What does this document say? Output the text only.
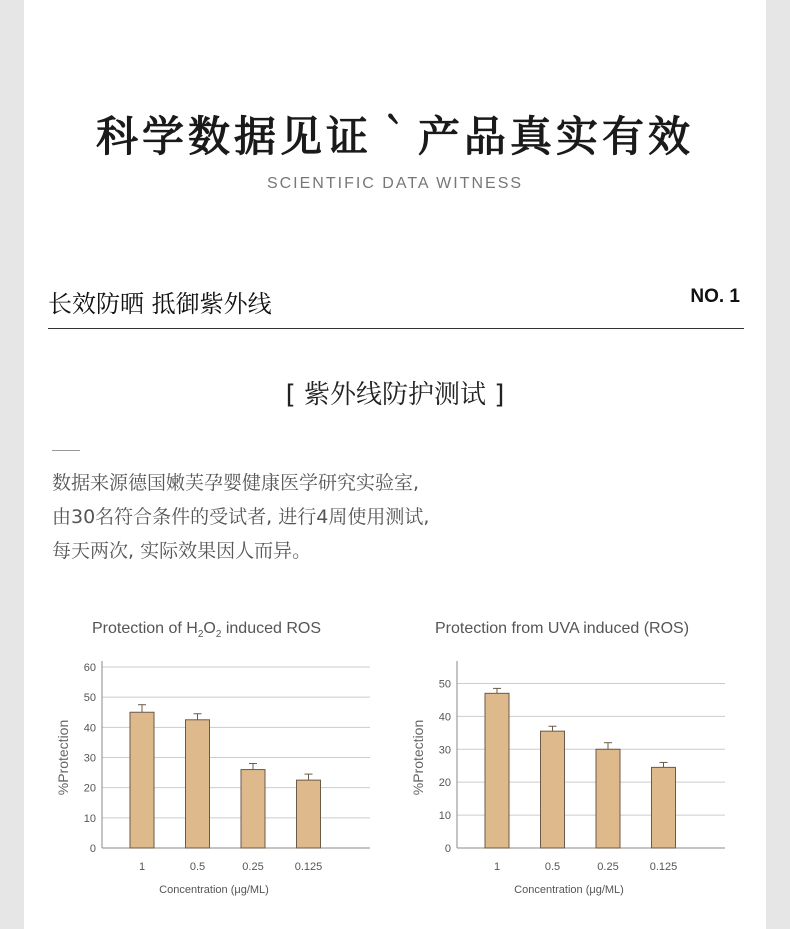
科学数据见证｀产品真实有效
SCIENTIFIC DATA WITNESS
长效防晒 抵御紫外线	NO. 1
[ 紫外线防护测试 ]
数据来源德国嫩芙孕婴健康医学研究实验室,
由30名符合条件的受试者, 进行4周使用测试,
每天两次, 实际效果因人而异。
Protection of $H_2O_2$ induced ROS
0
10
20
30
40
50
60
%Protection
1	0.5	0.25	0.125
Concentration (μg/ML)
Protection from UVA induced (ROS)
0
10
20
30
40
50
%Protection
1	0.5	0.25	0.125
Concentration (μg/ML)
